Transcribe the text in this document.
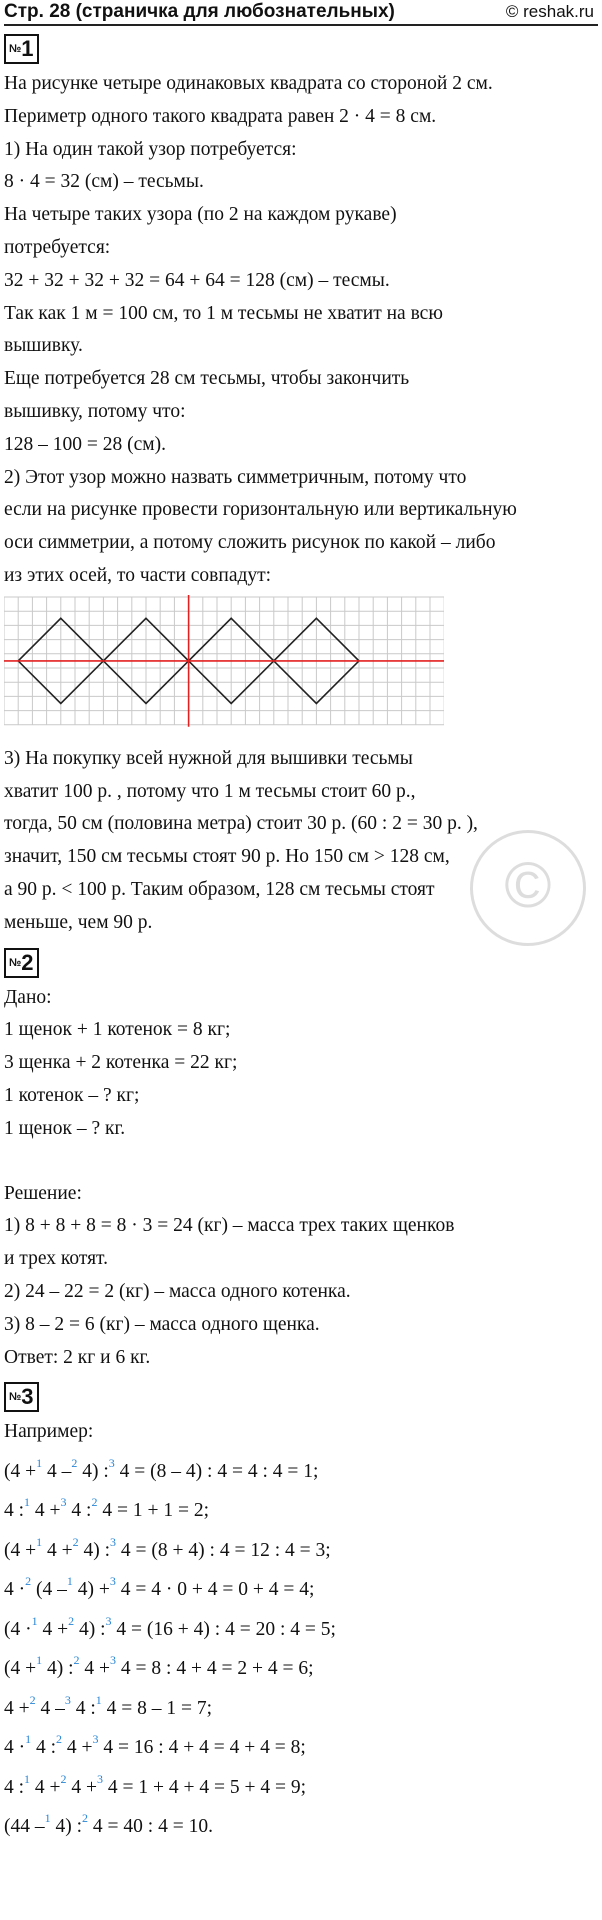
©
Стр. 28 (страничка для любознательных)	© reshak.ru
№1
На рисунке четыре одинаковых квадрата со стороной 2 см.
Периметр одного такого квадрата равен 2 · 4 = 8 см.
1) На один такой узор потребуется:
8 · 4 = 32 (см) – тесьмы.
На четыре таких узора (по 2 на каждом рукаве)
потребуется:
32 + 32 + 32 + 32 = 64 + 64 = 128 (см) – тесмы.
Так как 1 м = 100 см, то 1 м тесьмы не хватит на всю
вышивку.
Еще потребуется 28 см тесьмы, чтобы закончить
вышивку, потому что:
128 – 100 = 28 (см).
2) Этот узор можно назвать симметричным, потому что
если на рисунке провести горизонтальную или вертикальную
оси симметрии, а потому сложить рисунок по какой – либо
из этих осей, то части совпадут:
3) На покупку всей нужной для вышивки тесьмы
хватит 100 р. , потому что 1 м тесьмы стоит 60 р.,
тогда, 50 см (половина метра) стоит 30 р. (60 : 2 = 30 р. ),
значит, 150 см тесьмы стоят 90 р. Но 150 см > 128 см,
а 90 р. < 100 р. Таким образом, 128 см тесьмы стоят
меньше, чем 90 р.
№2
Дано:
1 щенок + 1 котенок = 8 кг;
3 щенка + 2 котенка = 22 кг;
1 котенок – ? кг;
1 щенок – ? кг.
Решение:
1) 8 + 8 + 8 = 8 · 3 = 24 (кг) – масса трех таких щенков
и трех котят.
2) 24 – 22 = 2 (кг) – масса одного котенка.
3) 8 – 2 = 6 (кг) – масса одного щенка.
Ответ: 2 кг и 6 кг.
№3
Например:
(4 +$^1$ 4 –$^2$ 4) :$^3$ 4 = (8 – 4) : 4 = 4 : 4 = 1;
4 :$^1$ 4 +$^3$ 4 :$^2$ 4 = 1 + 1 = 2;
(4 +$^1$ 4 +$^2$ 4) :$^3$ 4 = (8 + 4) : 4 = 12 : 4 = 3;
4 ·$^2$ (4 –$^1$ 4) +$^3$ 4 = 4 · 0 + 4 = 0 + 4 = 4;
(4 ·$^1$ 4 +$^2$ 4) :$^3$ 4 = (16 + 4) : 4 = 20 : 4 = 5;
(4 +$^1$ 4) :$^2$ 4 +$^3$ 4 = 8 : 4 + 4 = 2 + 4 = 6;
4 +$^2$ 4 –$^3$ 4 :$^1$ 4 = 8 – 1 = 7;
4 ·$^1$ 4 :$^2$ 4 +$^3$ 4 = 16 : 4 + 4 = 4 + 4 = 8;
4 :$^1$ 4 +$^2$ 4 +$^3$ 4 = 1 + 4 + 4 = 5 + 4 = 9;
(44 –$^1$ 4) :$^2$ 4 = 40 : 4 = 10.
